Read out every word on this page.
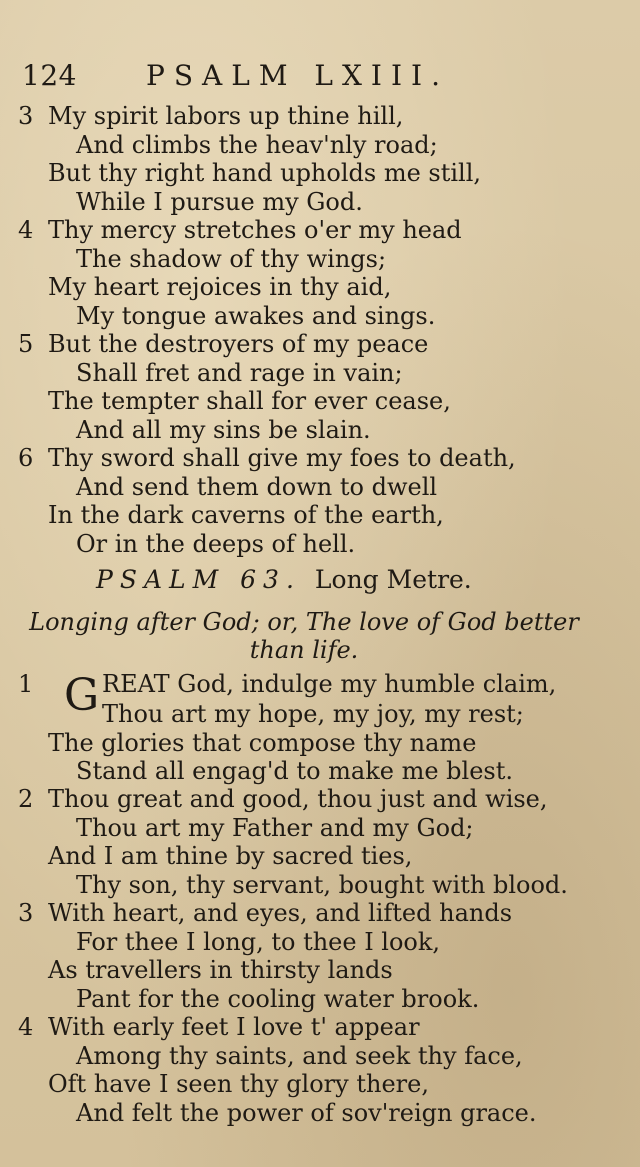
124 PSALM LXIII.
3 My spirit labors up thine hill,
And climbs the heav'nly road;
But thy right hand upholds me still,
While I pursue my God.
4 Thy mercy stretches o'er my head
The shadow of thy wings;
My heart rejoices in thy aid,
My tongue awakes and sings.
5 But the destroyers of my peace
Shall fret and rage in vain;
The tempter shall for ever cease,
And all my sins be slain.
6 Thy sword shall give my foes to death,
And send them down to dwell
In the dark caverns of the earth,
Or in the deeps of hell.
PSALM 63. Long Metre.
Longing after God; or, The love of God better
than life.
1 G REAT God, indulge my humble claim,
Thou art my hope, my joy, my rest;
The glories that compose thy name
Stand all engag'd to make me blest.
2 Thou great and good, thou just and wise,
Thou art my Father and my God;
And I am thine by sacred ties,
Thy son, thy servant, bought with blood.
3 With heart, and eyes, and lifted hands
For thee I long, to thee I look,
As travellers in thirsty lands
Pant for the cooling water brook.
4 With early feet I love t' appear
Among thy saints, and seek thy face,
Oft have I seen thy glory there,
And felt the power of sov'reign grace.
